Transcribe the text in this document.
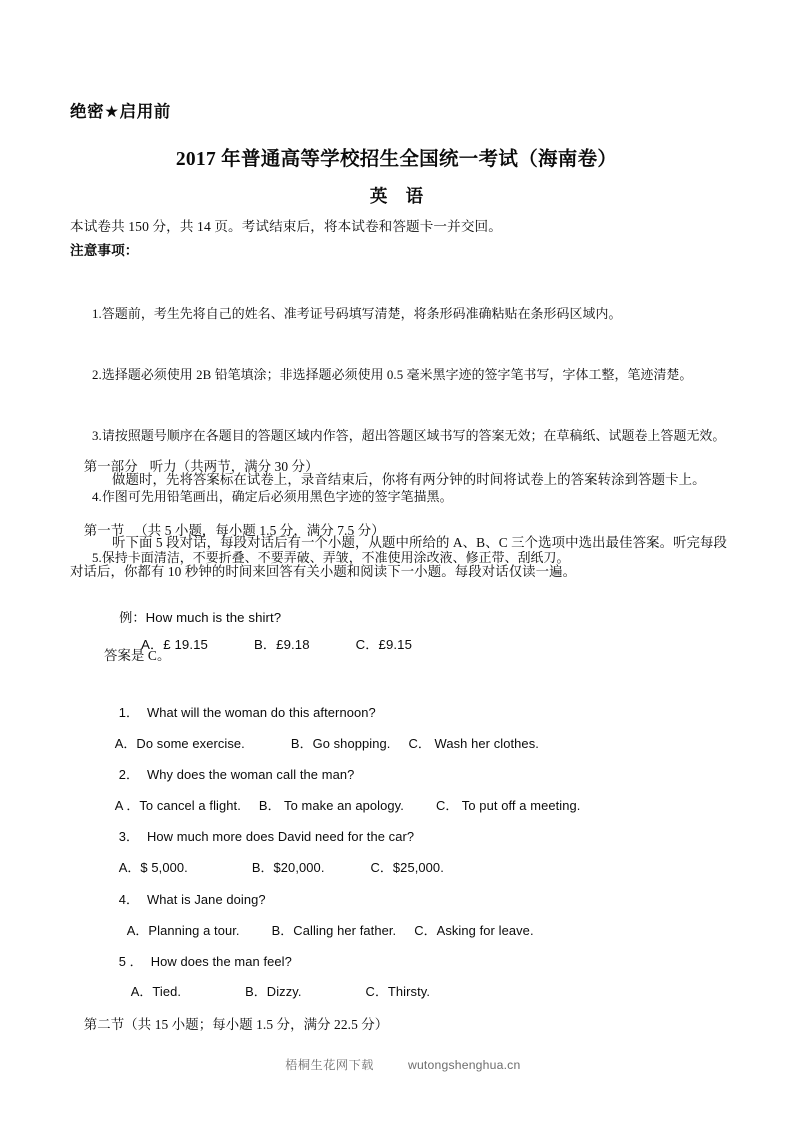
绝密★启用前
2017 年普通高等学校招生全国统一考试（海南卷）
英 语
本试卷共 150 分，共 14 页。考试结束后，将本试卷和答题卡一并交回。
注意事项：

1.答题前，考生先将自己的姓名、准考证号码填写清楚，将条形码准确粘贴在条形码区域内。

2.选择题必须使用 2B 铅笔填涂；非选择题必须使用 0.5 毫米黑字迹的签字笔书写，字体工整，笔迹清楚。

3.请按照题号顺序在各题目的答题区域内作答，超出答题区域书写的答案无效；在草稿纸、试题卷上答题无效。

4.作图可先用铅笔画出，确定后必须用黑色字迹的签字笔描黑。

5.保持卡面清洁，不要折叠、不要弄破、弄皱，不准使用涂改液、修正带、刮纸刀。

第一部分 听力（共两节，满分 30 分）

做题时，先将答案标在试卷上，录音结束后，你将有两分钟的时间将试卷上的答案转涂到答题卡上。

第一节 （共 5 小题，每小题 1.5 分，满分 7.5 分）

听下面 5 段对话，每段对话后有一个小题，从题中所给的 A、B、C 三个选项中选出最佳答案。听完每段对话后，你都有 10 秒钟的时间来回答有关小题和阅读下一小题。每段对话仅读一遍。

例：How much is the shirt?

A．£ 19.15	B．£9.18	C．£9.15

答案是 C。

1． What will the woman do this afternoon?

A．Do some exercise.	B．Go shopping. C． Wash her clothes.

2． Why does the woman call the man?

A ．To cancel a flight. B． To make an apology. C． To put off a meeting.

3． How much more does David need for the car?

A．$ 5,000.	B．$20,000.	C．$25,000.

4． What is Jane doing?

A．Planning a tour. B．Calling her father. C．Asking for leave.

5 ． How does the man feel?

A．Tied.	B．Dizzy.	C．Thirsty.

第二节（共 15 小题；每小题 1.5 分，满分 22.5 分）

梧桐生花网下载	wutongshenghua.cn
